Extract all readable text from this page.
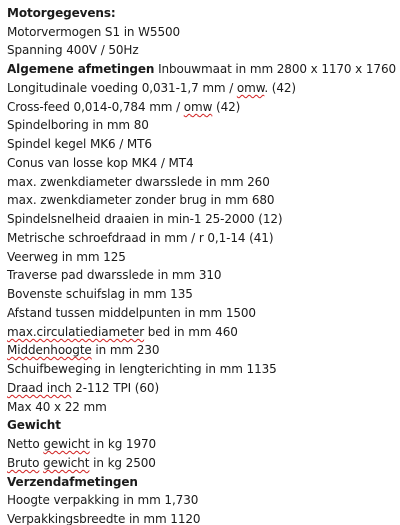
Motorgegevens:
Motorvermogen S1 in W5500
Spanning 400V / 50Hz
Algemene afmetingen Inbouwmaat in mm 2800 x 1170 x 1760
Longitudinale voeding 0,031-1,7 mm / omw. (42)
Cross-feed 0,014-0,784 mm / omw (42)
Spindelboring in mm 80
Spindel kegel MK6 / MT6
Conus van losse kop MK4 / MT4
max. zwenkdiameter dwarsslede in mm 260
max. zwenkdiameter zonder brug in mm 680
Spindelsnelheid draaien in min-1 25-2000 (12)
Metrische schroefdraad in mm / r 0,1-14 (41)
Veerweg in mm 125
Traverse pad dwarsslede in mm 310
Bovenste schuifslag in mm 135
Afstand tussen middelpunten in mm 1500
max.circulatiediameter bed in mm 460
Middenhoogte in mm 230
Schuifbeweging in lengterichting in mm 1135
Draad inch 2-112 TPI (60)
Max 40 x 22 mm
Gewicht
Netto gewicht in kg 1970
Bruto gewicht in kg 2500
Verzendafmetingen
Hoogte verpakking in mm 1,730
Verpakkingsbreedte in mm 1120
